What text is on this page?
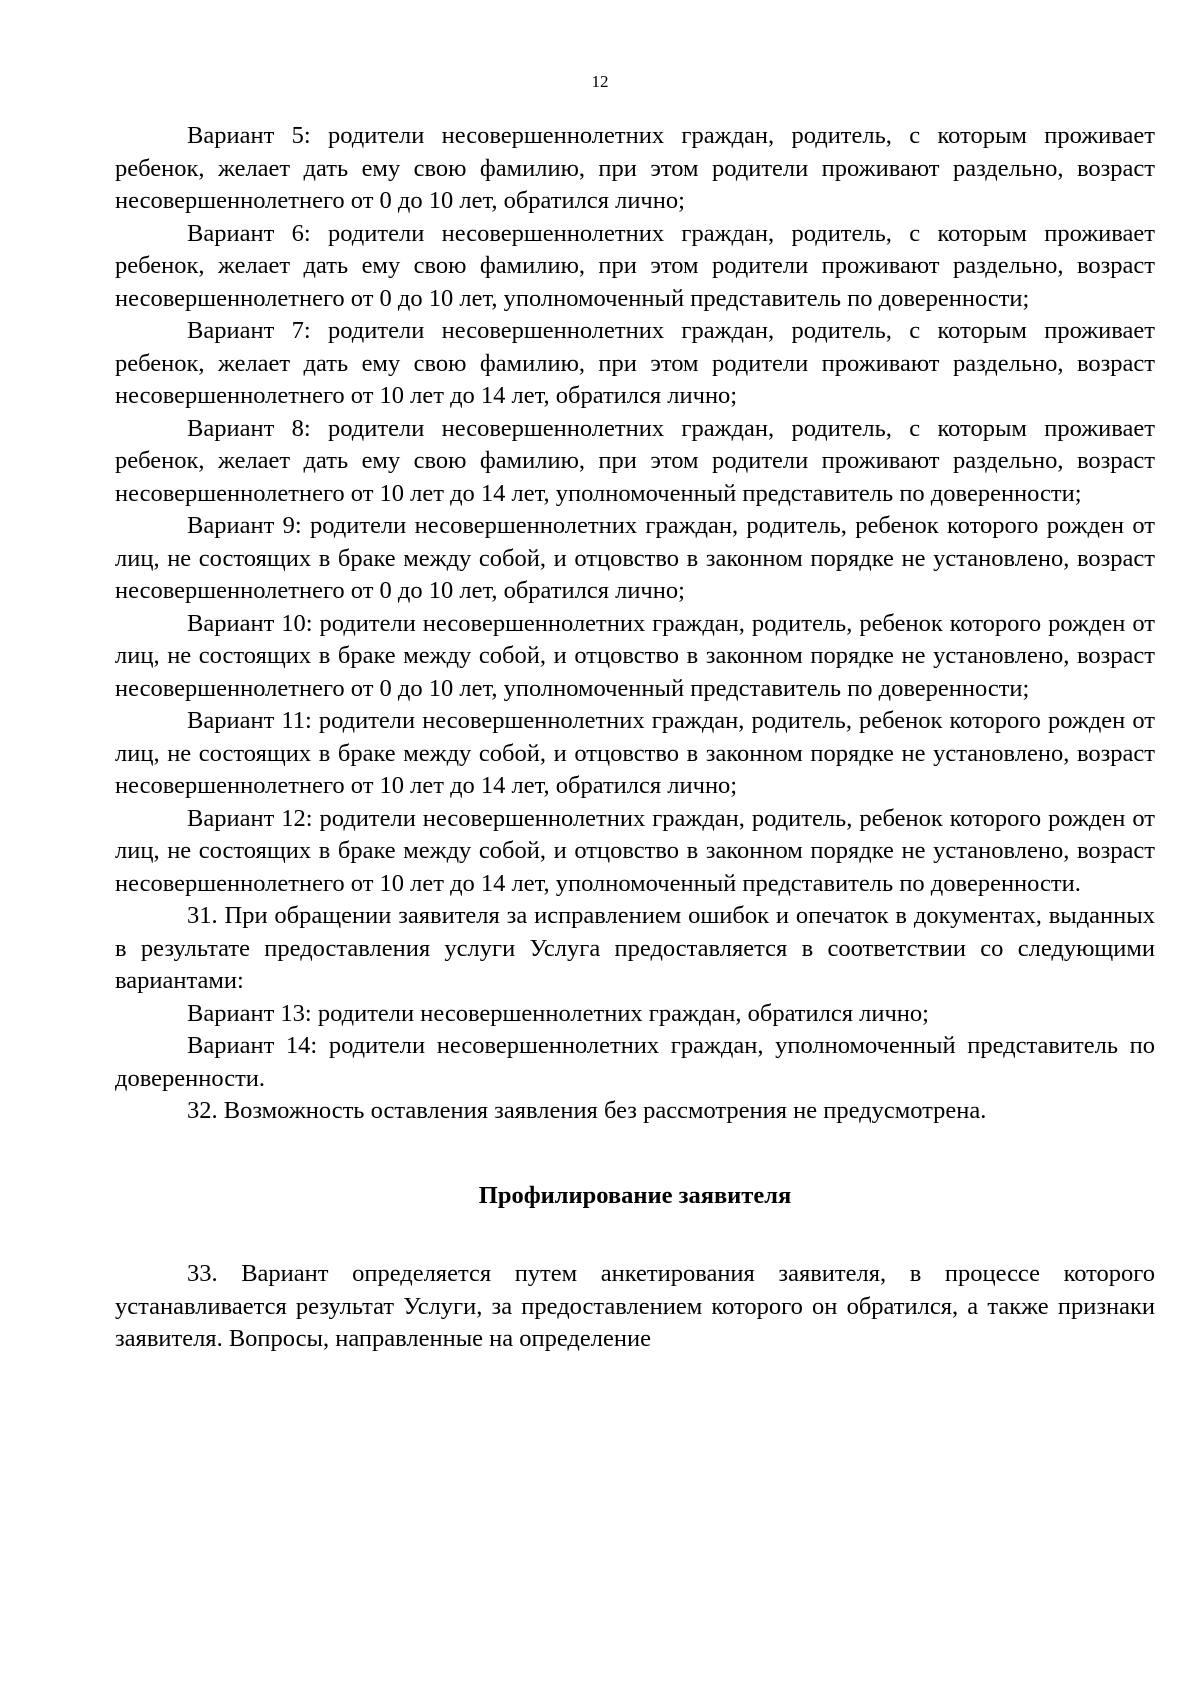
12

Вариант 5: родители несовершеннолетних граждан, родитель, с которым проживает ребенок, желает дать ему свою фамилию, при этом родители проживают раздельно, возраст несовершеннолетнего от 0 до 10 лет, обратился лично;

Вариант 6: родители несовершеннолетних граждан, родитель, с которым проживает ребенок, желает дать ему свою фамилию, при этом родители проживают раздельно, возраст несовершеннолетнего от 0 до 10 лет, уполномоченный представитель по доверенности;

Вариант 7: родители несовершеннолетних граждан, родитель, с которым проживает ребенок, желает дать ему свою фамилию, при этом родители проживают раздельно, возраст несовершеннолетнего от 10 лет до 14 лет, обратился лично;

Вариант 8: родители несовершеннолетних граждан, родитель, с которым проживает ребенок, желает дать ему свою фамилию, при этом родители проживают раздельно, возраст несовершеннолетнего от 10 лет до 14 лет, уполномоченный представитель по доверенности;

Вариант 9: родители несовершеннолетних граждан, родитель, ребенок которого рожден от лиц, не состоящих в браке между собой, и отцовство в законном порядке не установлено, возраст несовершеннолетнего от 0 до 10 лет, обратился лично;

Вариант 10: родители несовершеннолетних граждан, родитель, ребенок которого рожден от лиц, не состоящих в браке между собой, и отцовство в законном порядке не установлено, возраст несовершеннолетнего от 0 до 10 лет, уполномоченный представитель по доверенности;

Вариант 11: родители несовершеннолетних граждан, родитель, ребенок которого рожден от лиц, не состоящих в браке между собой, и отцовство в законном порядке не установлено, возраст несовершеннолетнего от 10 лет до 14 лет, обратился лично;

Вариант 12: родители несовершеннолетних граждан, родитель, ребенок которого рожден от лиц, не состоящих в браке между собой, и отцовство в законном порядке не установлено, возраст несовершеннолетнего от 10 лет до 14 лет, уполномоченный представитель по доверенности.

31. При обращении заявителя за исправлением ошибок и опечаток в документах, выданных в результате предоставления услуги Услуга предоставляется в соответствии со следующими вариантами:

Вариант 13: родители несовершеннолетних граждан, обратился лично;

Вариант 14: родители несовершеннолетних граждан, уполномоченный представитель по доверенности.

32. Возможность оставления заявления без рассмотрения не предусмотрена.

Профилирование заявителя

33. Вариант определяется путем анкетирования заявителя, в процессе которого устанавливается результат Услуги, за предоставлением которого он обратился, а также признаки заявителя. Вопросы, направленные на определение
